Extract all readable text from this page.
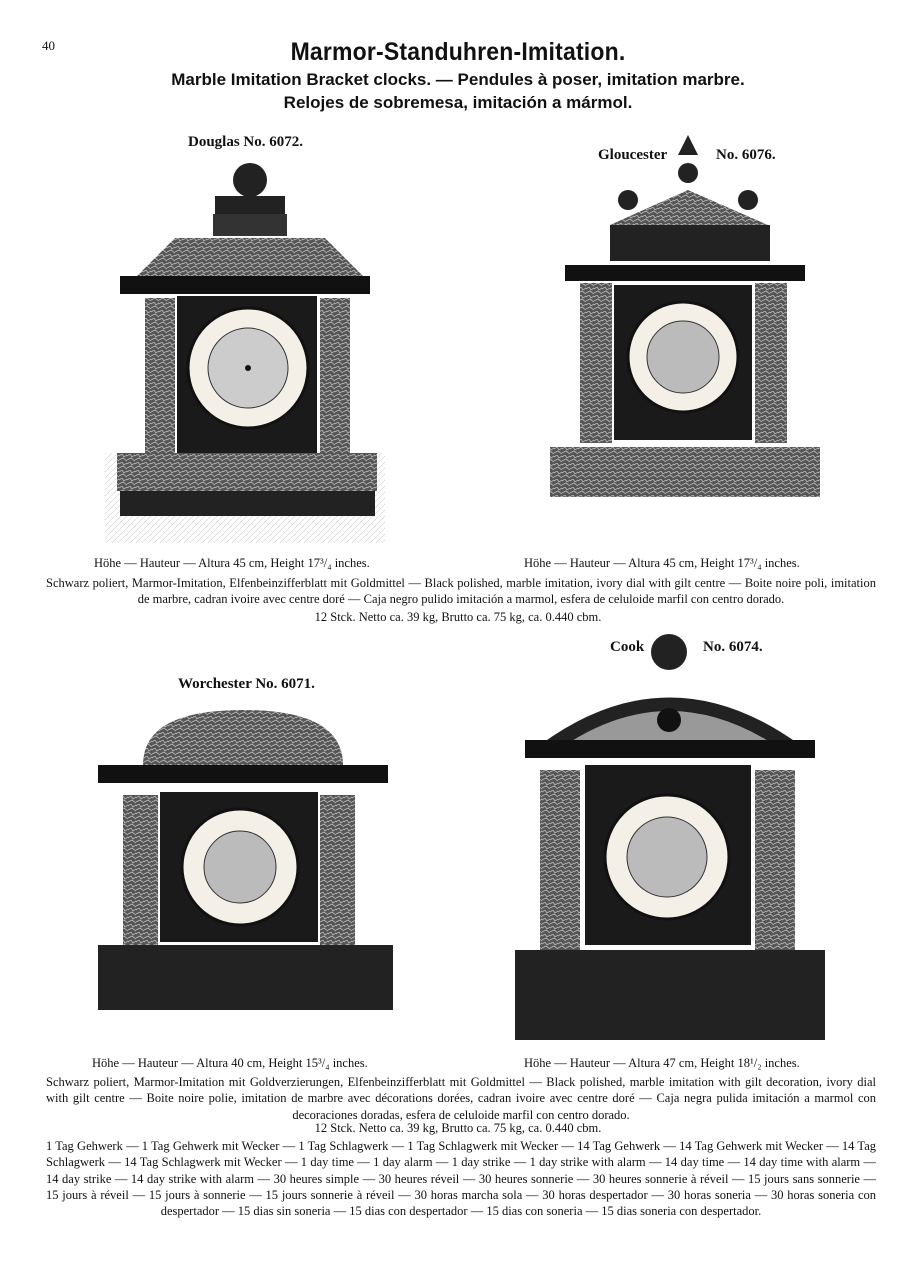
40	Marmor-Standuhren-Imitation.
Marble Imitation Bracket clocks. — Pendules à poser, imitation marbre.
Relojes de sobremesa, imitación a mármol.
Douglas No. 6072.
Höhe — Hauteur — Altura 45 cm, Height 17³/₄ inches.
Gloucester	No. 6076.
Höhe — Hauteur — Altura 45 cm, Height 17³/₄ inches.
Schwarz poliert, Marmor-Imitation, Elfenbeinzifferblatt mit Goldmittel — Black polished, marble imitation, ivory dial with gilt centre — Boite noire poli, imitation de marbre, cadran ivoire avec centre doré — Caja negro pulido imitación a marmol, esfera de celuloide marfil con centro dorado.
12 Stck. Netto ca. 39 kg, Brutto ca. 75 kg, ca. 0.440 cbm.
Cook	No. 6074.
Höhe — Hauteur — Altura 47 cm, Height 18¹/₂ inches.
Worchester No. 6071.
Höhe — Hauteur — Altura 40 cm, Height 15³/₄ inches.
Schwarz poliert, Marmor-Imitation mit Goldverzierungen, Elfenbeinzifferblatt mit Goldmittel — Black polished, marble imitation with gilt decoration, ivory dial with gilt centre — Boite noire polie, imitation de marbre avec décorations dorées, cadran ivoire avec centre doré — Caja negra pulida imitación a marmol con decoraciones doradas, esfera de celuloide marfil con centro dorado.
12 Stck. Netto ca. 39 kg, Brutto ca. 75 kg, ca. 0.440 cbm.
1 Tag Gehwerk — 1 Tag Gehwerk mit Wecker — 1 Tag Schlagwerk — 1 Tag Schlagwerk mit Wecker — 14 Tag Gehwerk — 14 Tag Gehwerk mit Wecker — 14 Tag Schlagwerk — 14 Tag Schlagwerk mit Wecker — 1 day time — 1 day alarm — 1 day strike — 1 day strike with alarm — 14 day time — 14 day time with alarm — 14 day strike — 14 day strike with alarm — 30 heures simple — 30 heures réveil — 30 heures sonnerie — 30 heures sonnerie à réveil — 15 jours sans sonnerie — 15 jours à réveil — 15 jours à sonnerie — 15 jours sonnerie à réveil — 30 horas marcha sola — 30 horas despertador — 30 horas soneria — 30 horas soneria con despertador — 15 dias sin soneria — 15 dias con despertador — 15 dias con soneria — 15 dias soneria con despertador.
